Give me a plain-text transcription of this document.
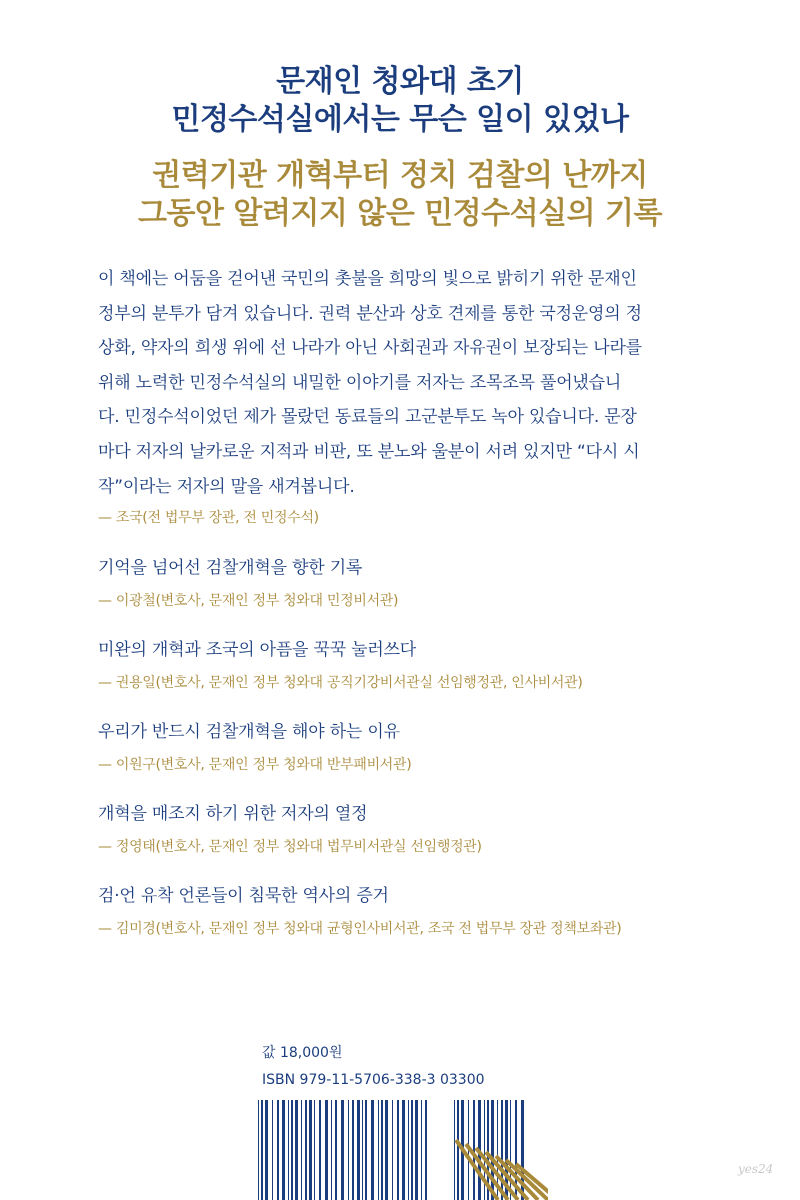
문재인 청와대 초기
민정수석실에서는 무슨 일이 있었나
권력기관 개혁부터 정치 검찰의 난까지
그동안 알려지지 않은 민정수석실의 기록
이 책에는 어둠을 걷어낸 국민의 촛불을 희망의 빛으로 밝히기 위한 문재인
정부의 분투가 담겨 있습니다. 권력 분산과 상호 견제를 통한 국정운영의 정
상화, 약자의 희생 위에 선 나라가 아닌 사회권과 자유권이 보장되는 나라를
위해 노력한 민정수석실의 내밀한 이야기를 저자는 조목조목 풀어냈습니
다. 민정수석이었던 제가 몰랐던 동료들의 고군분투도 녹아 있습니다. 문장
마다 저자의 날카로운 지적과 비판, 또 분노와 울분이 서려 있지만 “다시 시
작”이라는 저자의 말을 새겨봅니다.
— 조국(전 법무부 장관, 전 민정수석)
기억을 넘어선 검찰개혁을 향한 기록
— 이광철(변호사, 문재인 정부 청와대 민정비서관)
미완의 개혁과 조국의 아픔을 꾹꾹 눌러쓰다
— 권용일(변호사, 문재인 정부 청와대 공직기강비서관실 선임행정관, 인사비서관)
우리가 반드시 검찰개혁을 해야 하는 이유
— 이원구(변호사, 문재인 정부 청와대 반부패비서관)
개혁을 매조지 하기 위한 저자의 열정
— 정영태(변호사, 문재인 정부 청와대 법무비서관실 선임행정관)
검·언 유착 언론들이 침묵한 역사의 증거
— 김미경(변호사, 문재인 정부 청와대 균형인사비서관, 조국 전 법무부 장관 정책보좌관)
값 18,000원
ISBN 979-11-5706-338-3 03300
yes24
